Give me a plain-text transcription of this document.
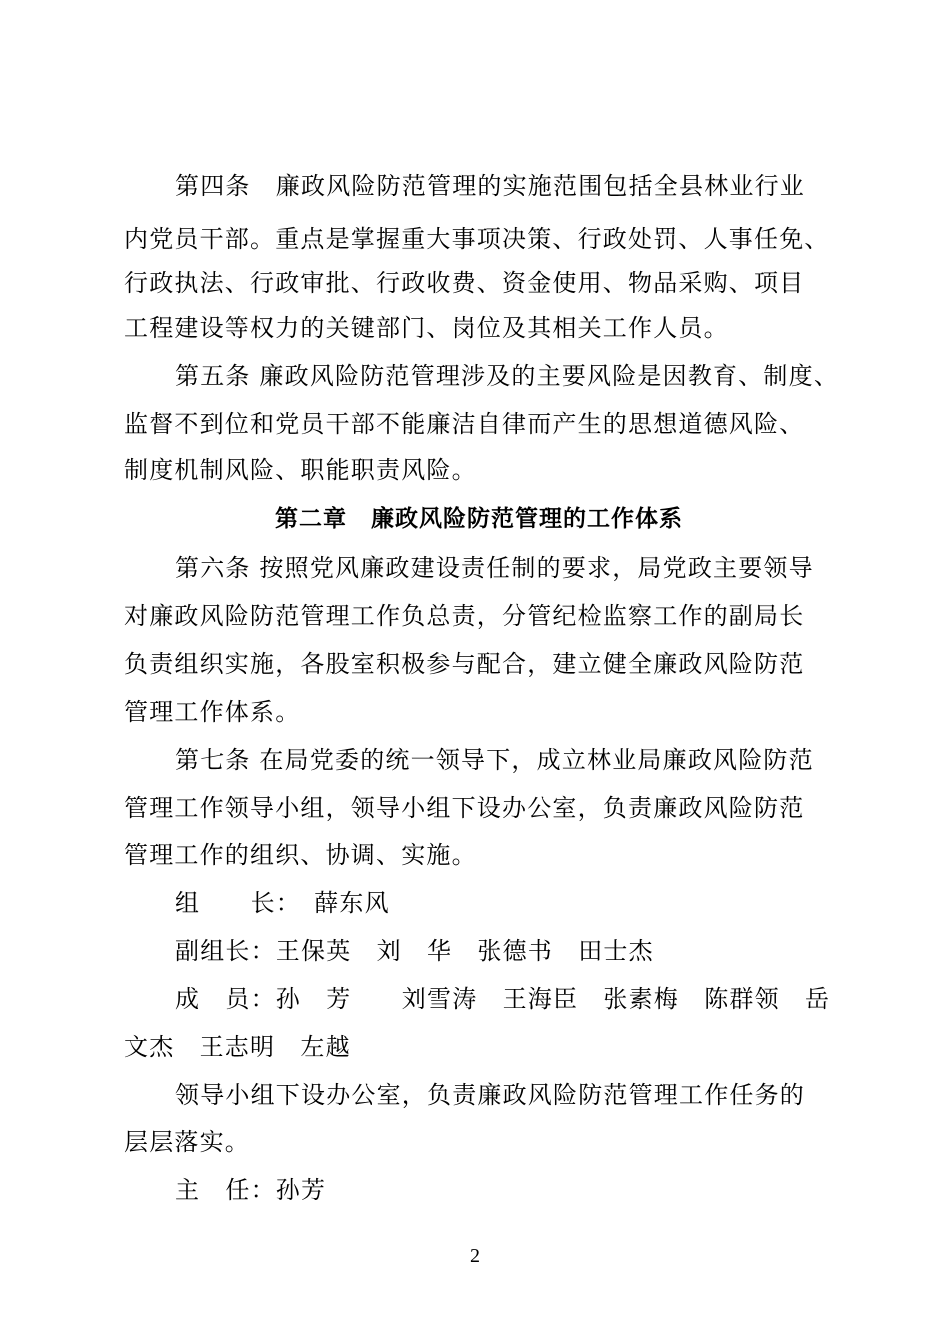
第四条　廉政风险防范管理的实施范围包括全县林业行业
内党员干部。重点是掌握重大事项决策、行政处罚、人事任免、
行政执法、行政审批、行政收费、资金使用、物品采购、项目
工程建设等权力的关键部门、岗位及其相关工作人员。
第五条 廉政风险防范管理涉及的主要风险是因教育、制度、
监督不到位和党员干部不能廉洁自律而产生的思想道德风险、
制度机制风险、职能职责风险。
第二章　廉政风险防范管理的工作体系
第六条 按照党风廉政建设责任制的要求，局党政主要领导
对廉政风险防范管理工作负总责，分管纪检监察工作的副局长
负责组织实施，各股室积极参与配合，建立健全廉政风险防范
管理工作体系。
第七条 在局党委的统一领导下，成立林业局廉政风险防范
管理工作领导小组，领导小组下设办公室，负责廉政风险防范
管理工作的组织、协调、实施。
组　　长：　薛东风
副组长：王保英　刘　华　张德书　田士杰
成　员：孙　芳　　刘雪涛　王海臣　张素梅　陈群领　岳
文杰　王志明　左越
领导小组下设办公室，负责廉政风险防范管理工作任务的
层层落实。
主　任：孙芳
2
